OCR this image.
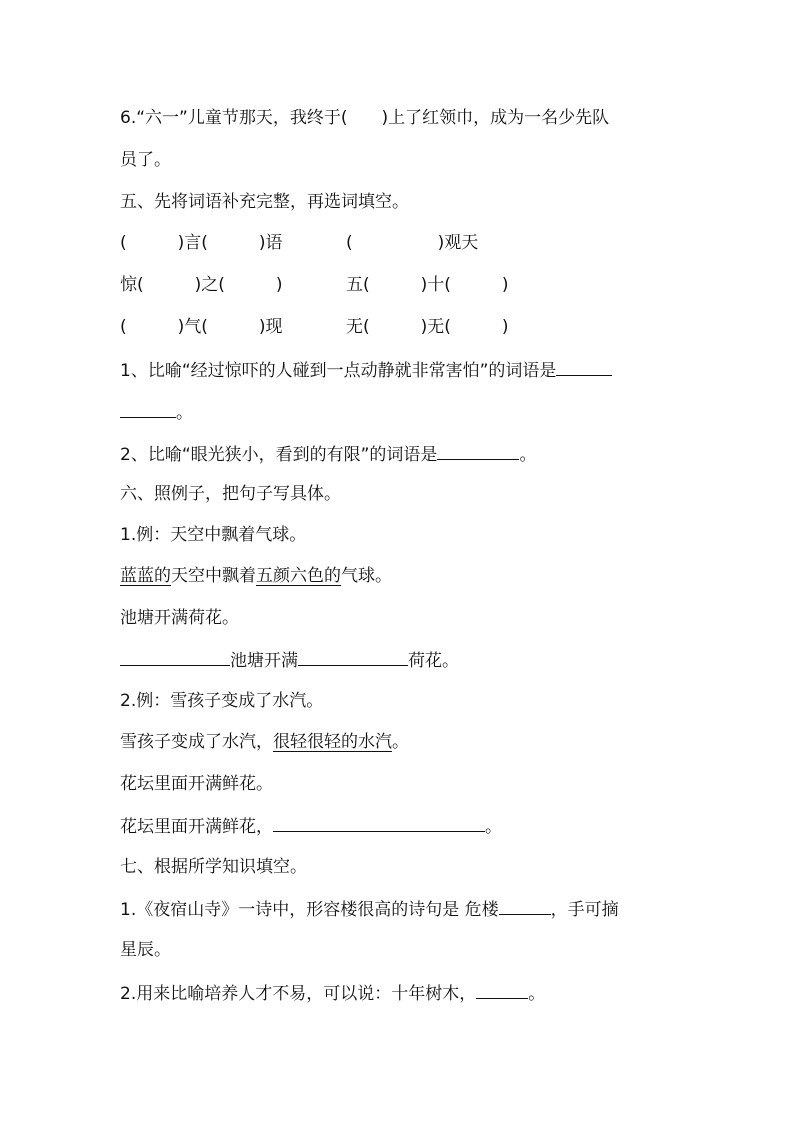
6.“六一”儿童节那天，我终于(　　)上了红领巾，成为一名少先队
员了。
五、先将词语补充完整，再选词填空。
(　　　)言(　　　)语	(　　　　　)观天
惊(　　　)之(　　　)	五(　　　)十(　　　)
(　　　)气(　　　)现	无(　　　)无(　　　)
1、比喻“经过惊吓的人碰到一点动静就非常害怕”的词语是
。
2、比喻“眼光狭小，看到的有限”的词语是	。
六、照例子，把句子写具体。
1.例：天空中飘着气球。
蓝蓝的天空中飘着五颜六色的气球。
池塘开满荷花。
池塘开满	荷花。
2.例：雪孩子变成了水汽。
雪孩子变成了水汽，很轻很轻的水汽。
花坛里面开满鲜花。
花坛里面开满鲜花，	。
七、根据所学知识填空。
1.《夜宿山寺》一诗中，形容楼很高的诗句是 危楼	，手可摘
星辰。
2.用来比喻培养人才不易，可以说：十年树木，	。
